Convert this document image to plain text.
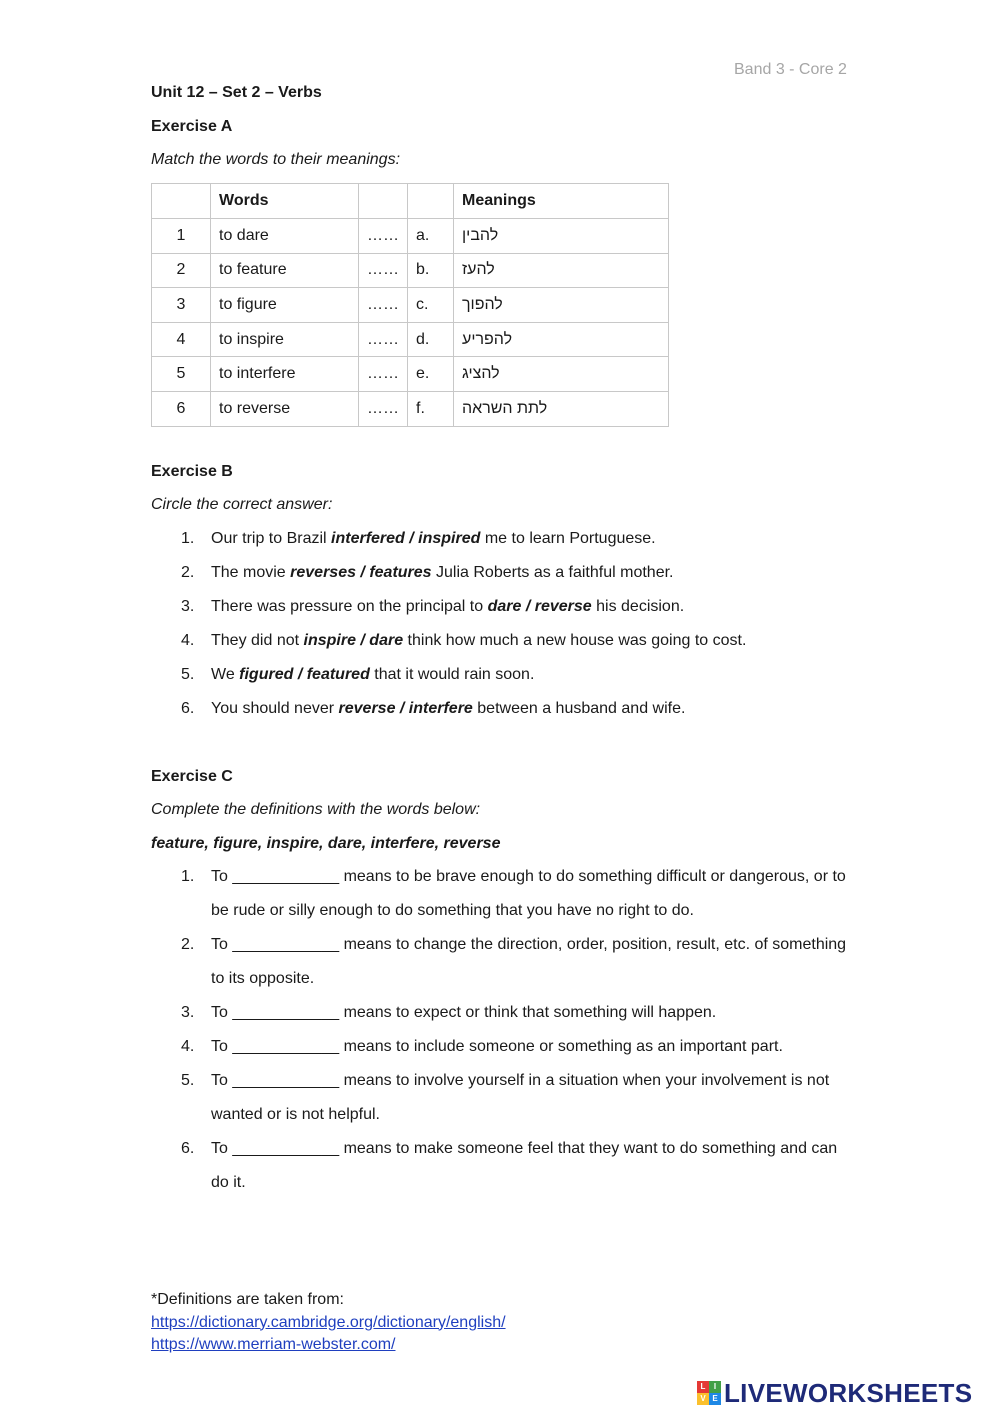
Band 3 - Core 2
Unit 12 – Set 2 – Verbs
Exercise A
Match the words to their meanings:
	Words			Meanings
1	to dare	……	a.	להבין
2	to feature	……	b.	להעז
3	to figure	……	c.	להפוך
4	to inspire	……	d.	להפריע
5	to interfere	……	e.	להציג
6	to reverse	……	f.	לתת השראה
Exercise B
Circle the correct answer:
1. Our trip to Brazil interfered / inspired me to learn Portuguese.
2. The movie reverses / features Julia Roberts as a faithful mother.
3. There was pressure on the principal to dare / reverse his decision.
4. They did not inspire / dare think how much a new house was going to cost.
5. We figured / featured that it would rain soon.
6. You should never reverse / interfere between a husband and wife.
Exercise C
Complete the definitions with the words below:
feature, figure, inspire, dare, interfere, reverse
1. To ____________ means to be brave enough to do something difficult or dangerous, or to be rude or silly enough to do something that you have no right to do.
2. To ____________ means to change the direction, order, position, result, etc. of something to its opposite.
3. To ____________ means to expect or think that something will happen.
4. To ____________ means to include someone or something as an important part.
5. To ____________ means to involve yourself in a situation when your involvement is not wanted or is not helpful.
6. To ____________ means to make someone feel that they want to do something and can do it.
*Definitions are taken from:
https://dictionary.cambridge.org/dictionary/english/
https://www.merriam-webster.com/
L	I
V E LIVEWORKSHEETS
